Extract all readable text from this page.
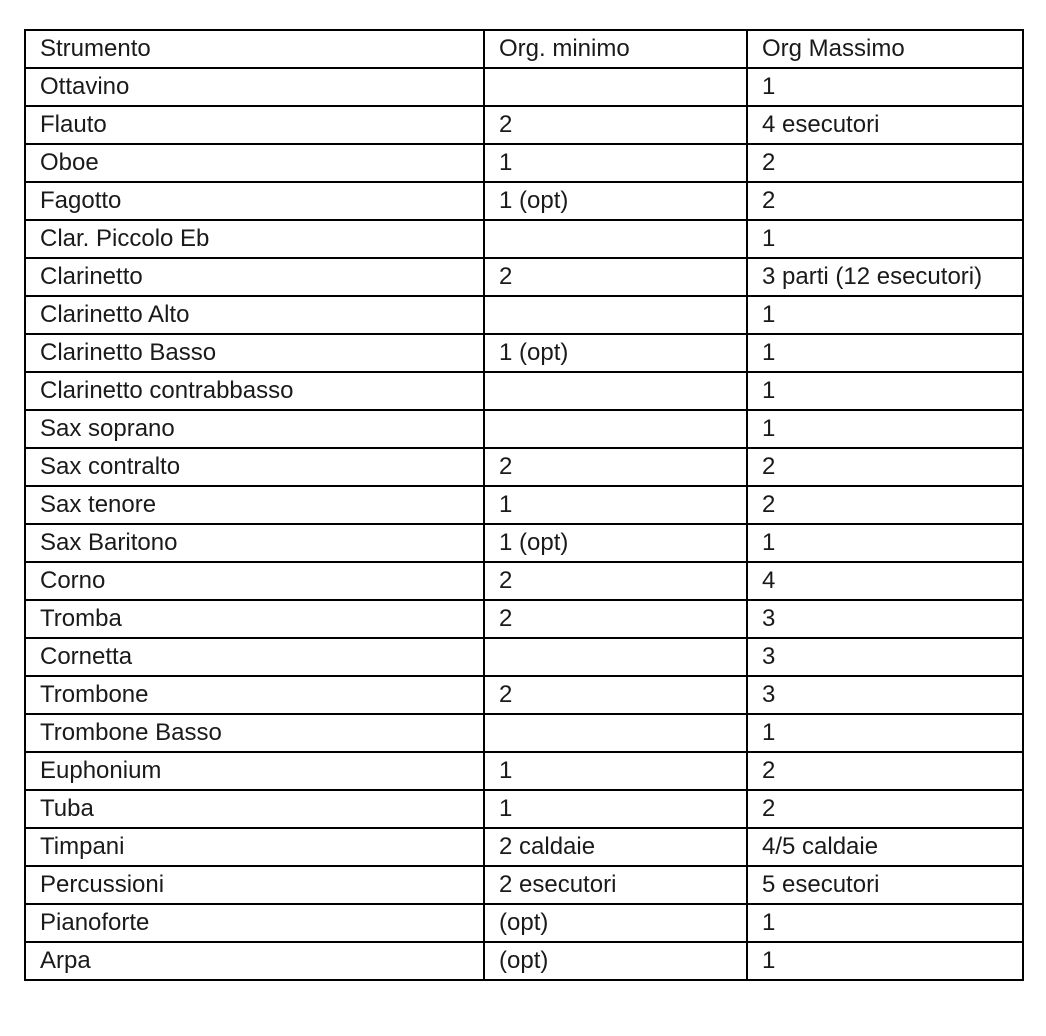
Strumento	Org. minimo	Org Massimo
Ottavino		1
Flauto	2	4 esecutori
Oboe	1	2
Fagotto	1 (opt)	2
Clar. Piccolo Eb		1
Clarinetto	2	3 parti (12 esecutori)
Clarinetto Alto		1
Clarinetto Basso	1 (opt)	1
Clarinetto contrabbasso		1
Sax soprano		1
Sax contralto	2	2
Sax tenore	1	2
Sax Baritono	1 (opt)	1
Corno	2	4
Tromba	2	3
Cornetta		3
Trombone	2	3
Trombone Basso		1
Euphonium	1	2
Tuba	1	2
Timpani	2 caldaie	4/5 caldaie
Percussioni	2 esecutori	5 esecutori
Pianoforte	(opt)	1
Arpa	(opt)	1
